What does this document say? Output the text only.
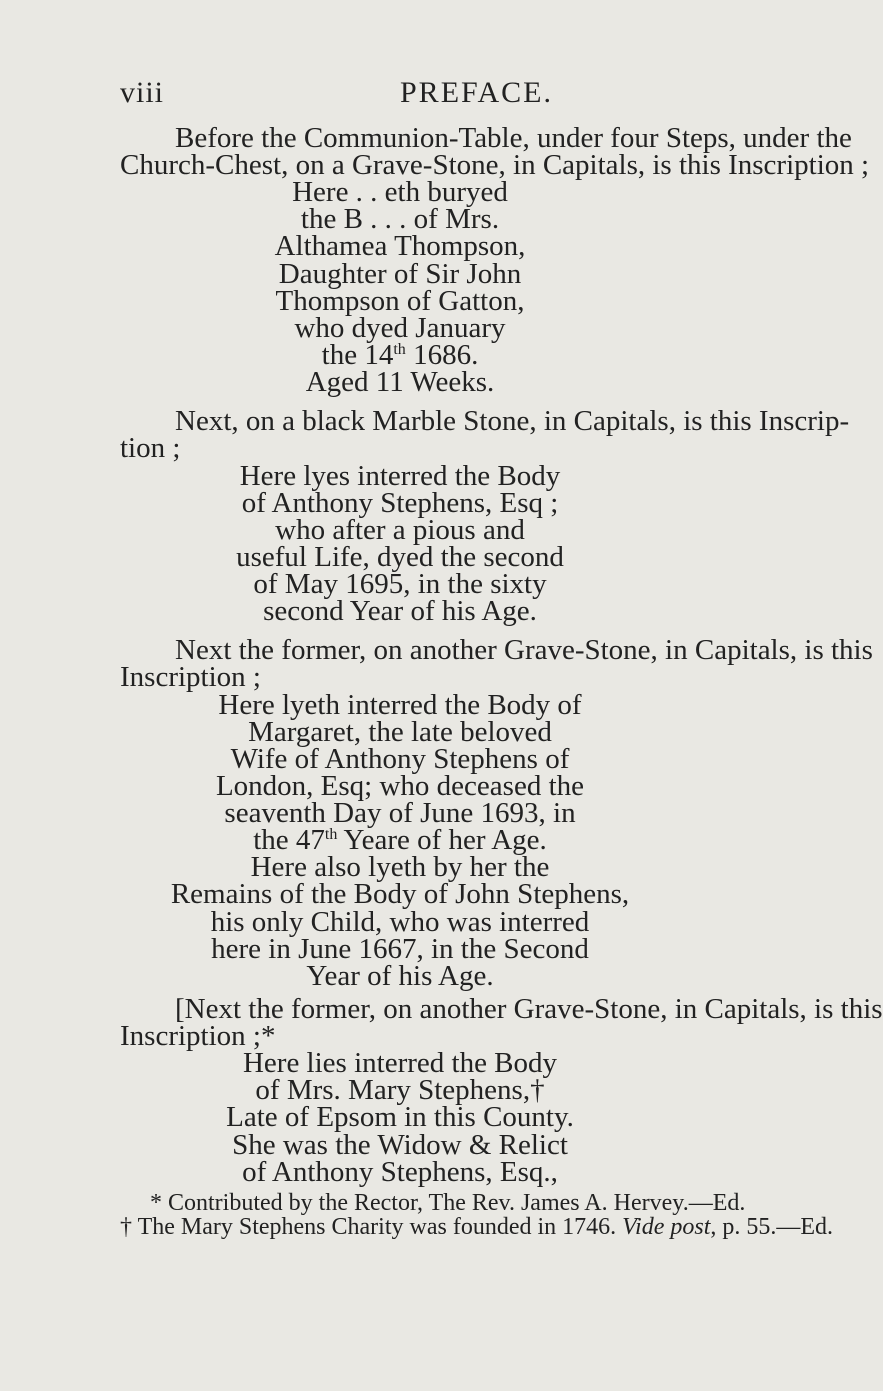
viii	PREFACE.
Before the Communion-Table, under four Steps, under the
Church-Chest, on a Grave-Stone, in Capitals, is this Inscription ;
Here . . eth buryed
the B . . . of Mrs.
Althamea Thompson,
Daughter of Sir John
Thompson of Gatton,
who dyed January
the 14th 1686.
Aged 11 Weeks.
Next, on a black Marble Stone, in Capitals, is this Inscrip-
tion ;
Here lyes interred the Body
of Anthony Stephens, Esq ;
who after a pious and
useful Life, dyed the second
of May 1695, in the sixty
second Year of his Age.
Next the former, on another Grave-Stone, in Capitals, is this
Inscription ;
Here lyeth interred the Body of
Margaret, the late beloved
Wife of Anthony Stephens of
London, Esq; who deceased the
seaventh Day of June 1693, in
the 47th Yeare of her Age.
Here also lyeth by her the
Remains of the Body of John Stephens,
his only Child, who was interred
here in June 1667, in the Second
Year of his Age.
[Next the former, on another Grave-Stone, in Capitals, is this
Inscription ;*
Here lies interred the Body
of Mrs. Mary Stephens,†
Late of Epsom in this County.
She was the Widow & Relict
of Anthony Stephens, Esq.,
* Contributed by the Rector, The Rev. James A. Hervey.—Ed.
† The Mary Stephens Charity was founded in 1746. Vide post, p. 55.—Ed.
